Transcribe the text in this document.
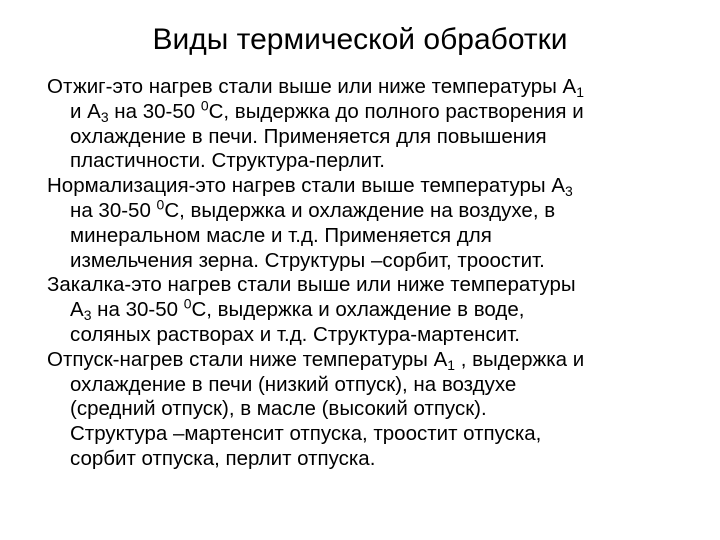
Виды термической обработки
Отжиг-это нагрев стали выше или ниже температуры $А_1$
и $А_3$ на 30-50 $^0$С, выдержка до полного растворения и
охлаждение в печи. Применяется для повышения
пластичности. Структура-перлит.
Нормализация-это нагрев стали выше температуры $А_3$
на 30-50 $^0$С, выдержка и охлаждение на воздухе, в
минеральном масле и т.д. Применяется для
измельчения зерна. Структуры –сорбит, троостит.
Закалка-это нагрев стали выше или ниже температуры
$А_3$ на 30-50 $^0$С, выдержка и охлаждение в воде,
соляных растворах и т.д. Структура-мартенсит.
Отпуск-нагрев стали ниже температуры $А_1$ , выдержка и
охлаждение в печи (низкий отпуск), на воздухе
(средний отпуск), в масле (высокий отпуск).
Структура –мартенсит отпуска, троостит отпуска,
сорбит отпуска, перлит отпуска.
